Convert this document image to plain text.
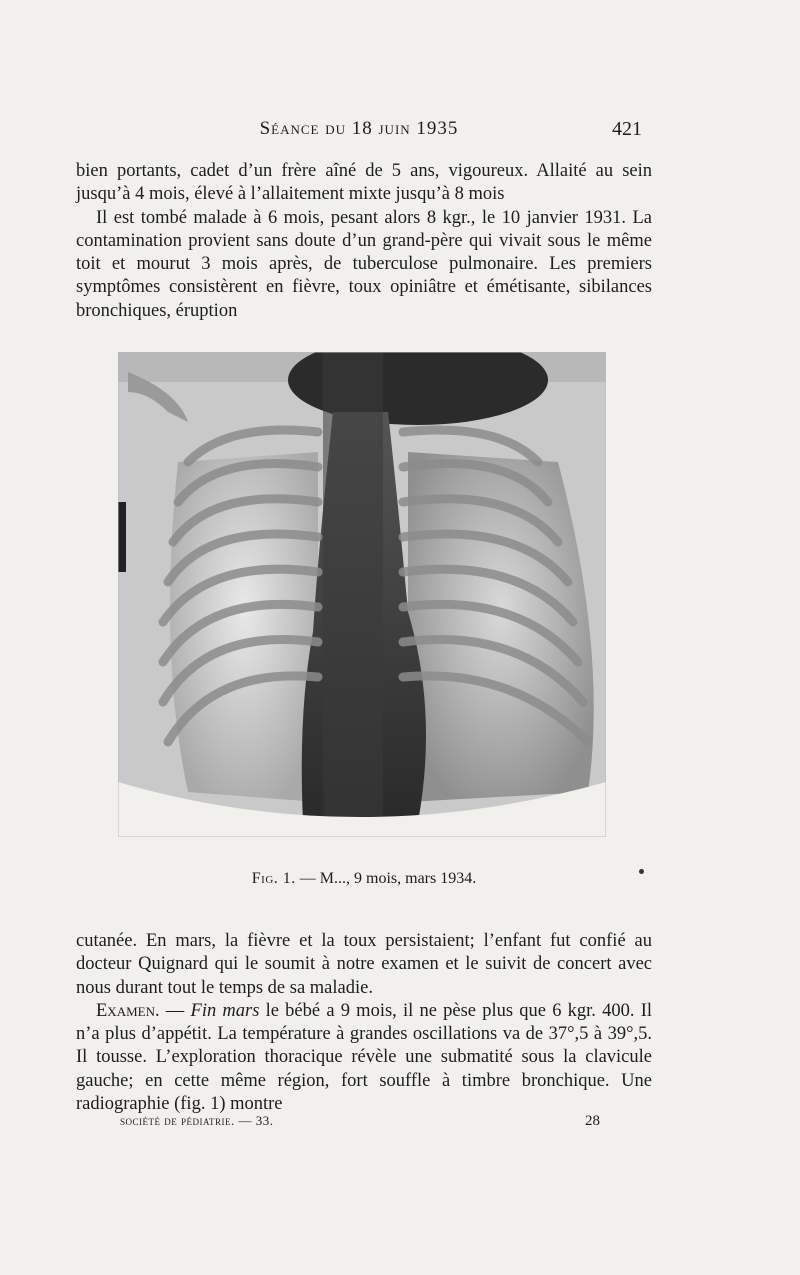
Séance du 18 juin 1935	421

bien portants, cadet d’un frère aîné de 5 ans, vigoureux. Allaité au sein jusqu’à 4 mois, élevé à l’allaitement mixte jusqu’à 8 mois

Il est tombé malade à 6 mois, pesant alors 8 kgr., le 10 janvier 1931. La contamination provient sans doute d’un grand-père qui vivait sous le même toit et mourut 3 mois après, de tuberculose pulmonaire. Les premiers symptômes consistèrent en fièvre, toux opiniâtre et émétisante, sibilances bronchiques, éruption

Fig. 1. — M..., 9 mois, mars 1934.

cutanée. En mars, la fièvre et la toux persistaient; l’enfant fut confié au docteur Quignard qui le soumit à notre examen et le suivit de concert avec nous durant tout le temps de sa maladie.

Examen. — Fin mars le bébé a 9 mois, il ne pèse plus que 6 kgr. 400. Il n’a plus d’appétit. La température à grandes oscillations va de 37°,5 à 39°,5. Il tousse. L’exploration thoracique révèle une submatité sous la clavicule gauche; en cette même région, fort souffle à timbre bronchique. Une radiographie (fig. 1) montre

société de pédiatrie. — 33.	28
